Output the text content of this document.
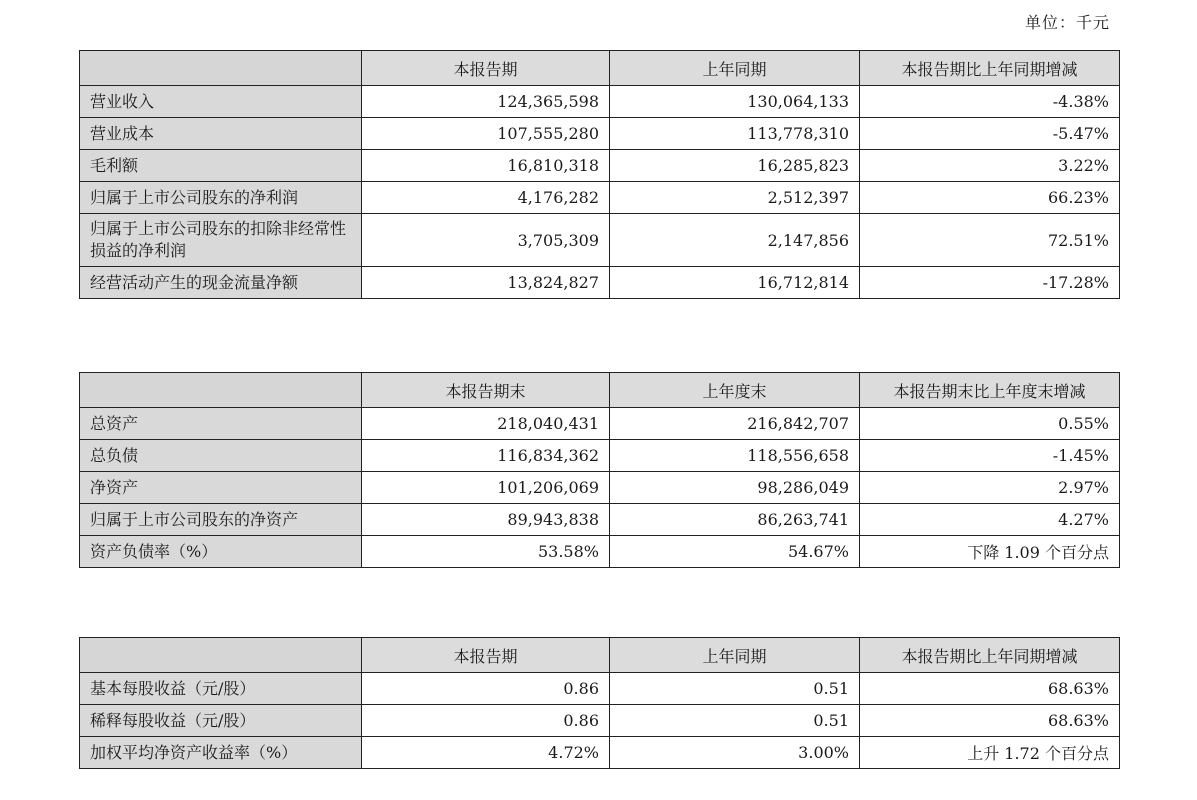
单位：千元
	本报告期	上年同期	本报告期比上年同期增减
营业收入	124,365,598	130,064,133	-4.38%
营业成本	107,555,280	113,778,310	-5.47%
毛利额	16,810,318	16,285,823	3.22%
归属于上市公司股东的净利润	4,176,282	2,512,397	66.23%
归属于上市公司股东的扣除非经常性损益的净利润	3,705,309	2,147,856	72.51%
经营活动产生的现金流量净额	13,824,827	16,712,814	-17.28%
	本报告期末	上年度末	本报告期末比上年度末增减
总资产	218,040,431	216,842,707	0.55%
总负债	116,834,362	118,556,658	-1.45%
净资产	101,206,069	98,286,049	2.97%
归属于上市公司股东的净资产	89,943,838	86,263,741	4.27%
资产负债率（%）	53.58%	54.67%	下降 1.09 个百分点
	本报告期	上年同期	本报告期比上年同期增减
基本每股收益（元/股）	0.86	0.51	68.63%
稀释每股收益（元/股）	0.86	0.51	68.63%
加权平均净资产收益率（%）	4.72%	3.00%	上升 1.72 个百分点
